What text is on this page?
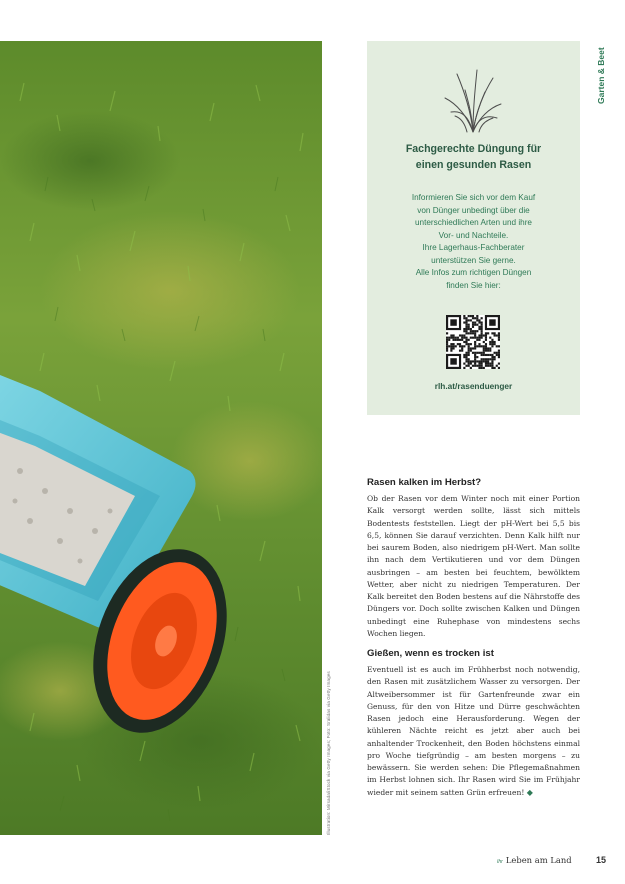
Illustration: Mirsada/iStock via Getty Images; Foto: Sralidas via Getty Images
Garten & Beet
Fachgerechte Düngung für
einen gesunden Rasen
Informieren Sie sich vor dem Kauf
von Dünger unbedingt über die
unterschiedlichen Arten und ihre
Vor- und Nachteile.
Ihre Lagerhaus-Fachberater
unterstützen Sie gerne.
Alle Infos zum richtigen Düngen
finden Sie hier:
rlh.at/rasenduenger
Rasen kalken im Herbst?

Ob der Rasen vor dem Winter noch mit einer Portion Kalk versorgt werden sollte, lässt sich mittels Bodentests feststellen. Liegt der pH-Wert bei 5,5 bis 6,5, können Sie darauf verzichten. Denn Kalk hilft nur bei saurem Boden, also niedrigem pH-Wert. Man sollte ihn nach dem Vertikutieren und vor dem Düngen ausbringen – am besten bei feuchtem, bewölktem Wetter, aber nicht zu niedrigen Temperaturen. Der Kalk bereitet den Boden bestens auf die Nährstoffe des Düngers vor. Doch sollte zwischen Kalken und Düngen unbedingt eine Ruhephase von mindestens sechs Wochen liegen.

Gießen, wenn es trocken ist

Eventuell ist es auch im Frühherbst noch notwendig, den Rasen mit zusätzlichem Wasser zu versorgen. Der Altweibersommer ist für Gartenfreunde zwar ein Genuss, für den von Hitze und Dürre geschwächten Rasen jedoch eine Herausforderung. Wegen der kühleren Nächte reicht es jetzt aber auch bei anhaltender Trockenheit, den Boden höchstens einmal pro Woche tiefgründig – am besten morgens – zu bewässern. Sie werden sehen: Die Pflegemaßnahmen im Herbst lohnen sich. Ihr Rasen wird Sie im Frühjahr wieder mit seinem satten Grün erfreuen! ◆

Ihr Leben am Land	15
